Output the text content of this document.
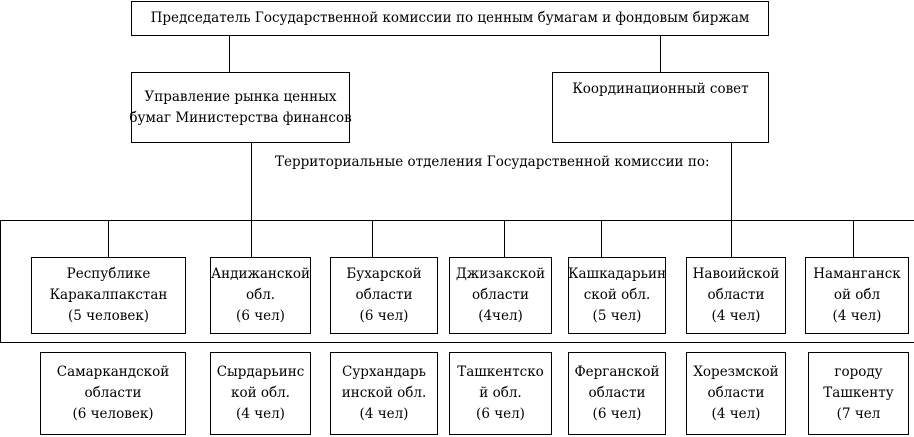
Председатель Государственной комиссии по ценным бумагам и фондовым биржам
Управление рынка ценных
бумаг Министерства финансов
Координационный совет
Территориальные отделения Государственной комиссии по:
Республике
Каракалпакстан
(5 человек)
Андижанской
обл.
(6 чел)
Бухарской
области
(6 чел)
Джизакской
области
(4чел)
Кашкадарьин
ской обл.
(5 чел)
Навоийской
области
(4 чел)
Наманганск
ой обл
(4 чел)
Самаркандской
области
(6 человек)
Сырдарьинс
кой обл.
(4 чел)
Сурхандарь
инской обл.
(4 чел)
Ташкентско
й обл.
(6 чел)
Ферганской
области
(6 чел)
Хорезмской
области
(4 чел)
городу
Ташкенту
(7 чел
